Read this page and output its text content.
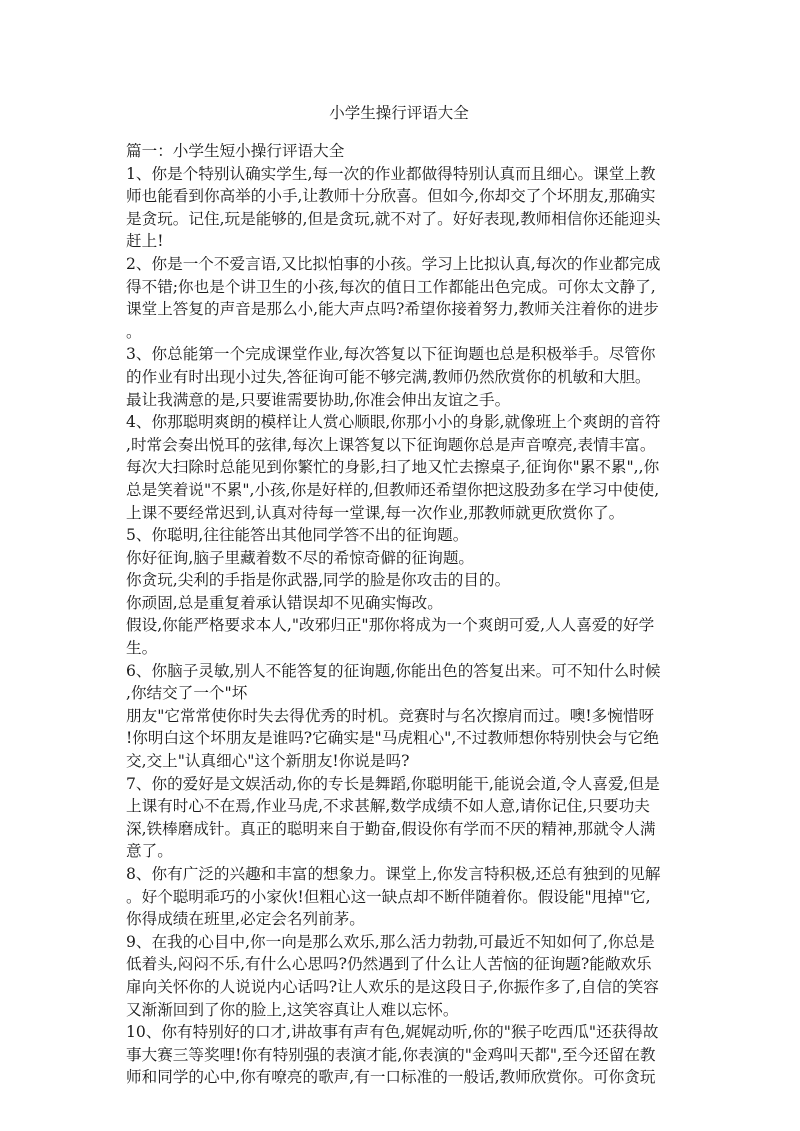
小学生操行评语大全
篇一：小学生短小操行评语大全
1、你是个特别认确实学生,每一次的作业都做得特别认真而且细心。课堂上教
师也能看到你高举的小手,让教师十分欣喜。但如今,你却交了个坏朋友,那确实
是贪玩。记住,玩是能够的,但是贪玩,就不对了。好好表现,教师相信你还能迎头
赶上!
2、你是一个不爱言语,又比拟怕事的小孩。学习上比拟认真,每次的作业都完成
得不错;你也是个讲卫生的小孩,每次的值日工作都能出色完成。可你太文静了,
课堂上答复的声音是那么小,能大声点吗?希望你接着努力,教师关注着你的进步
。
3、你总能第一个完成课堂作业,每次答复以下征询题也总是积极举手。尽管你
的作业有时出现小过失,答征询可能不够完满,教师仍然欣赏你的机敏和大胆。
最让我满意的是,只要谁需要协助,你准会伸出友谊之手。
4、你那聪明爽朗的模样让人赏心顺眼,你那小小的身影,就像班上个爽朗的音符
,时常会奏出悦耳的弦律,每次上课答复以下征询题你总是声音嘹亮,表情丰富。
每次大扫除时总能见到你繁忙的身影,扫了地又忙去擦桌子,征询你"累不累",,你
总是笑着说"不累",小孩,你是好样的,但教师还希望你把这股劲多在学习中使使,
上课不要经常迟到,认真对待每一堂课,每一次作业,那教师就更欣赏你了。
5、你聪明,往往能答出其他同学答不出的征询题。
你好征询,脑子里藏着数不尽的希惊奇僻的征询题。
你贪玩,尖利的手指是你武器,同学的脸是你攻击的目的。
你顽固,总是重复着承认错误却不见确实悔改。
假设,你能严格要求本人,"改邪归正"那你将成为一个爽朗可爱,人人喜爱的好学
生。
6、你脑子灵敏,别人不能答复的征询题,你能出色的答复出来。可不知什么时候
,你结交了一个"坏
朋友"它常常使你时失去得优秀的时机。竞赛时与名次擦肩而过。噢!多惋惜呀
!你明白这个坏朋友是谁吗?它确实是"马虎粗心",不过教师想你特别快会与它绝
交,交上"认真细心"这个新朋友!你说是吗?
7、你的爱好是文娱活动,你的专长是舞蹈,你聪明能干,能说会道,令人喜爱,但是
上课有时心不在焉,作业马虎,不求甚解,数学成绩不如人意,请你记住,只要功夫
深,铁棒磨成针。真正的聪明来自于勤奋,假设你有学而不厌的精神,那就令人满
意了。
8、你有广泛的兴趣和丰富的想象力。课堂上,你发言特积极,还总有独到的见解
。好个聪明乖巧的小家伙!但粗心这一缺点却不断伴随着你。假设能"甩掉"它,
你得成绩在班里,必定会名列前茅。
9、在我的心目中,你一向是那么欢乐,那么活力勃勃,可最近不知如何了,你总是
低着头,闷闷不乐,有什么心思吗?仍然遇到了什么让人苦恼的征询题?能敞欢乐
扉向关怀你的人说说内心话吗?让人欢乐的是这段日子,你振作多了,自信的笑容
又渐渐回到了你的脸上,这笑容真让人难以忘怀。
10、你有特别好的口才,讲故事有声有色,娓娓动听,你的"猴子吃西瓜"还获得故
事大赛三等奖哩!你有特别强的表演才能,你表演的"金鸡叫天都",至今还留在教
师和同学的心中,你有嘹亮的歌声,有一口标准的一般话,教师欣赏你。可你贪玩
